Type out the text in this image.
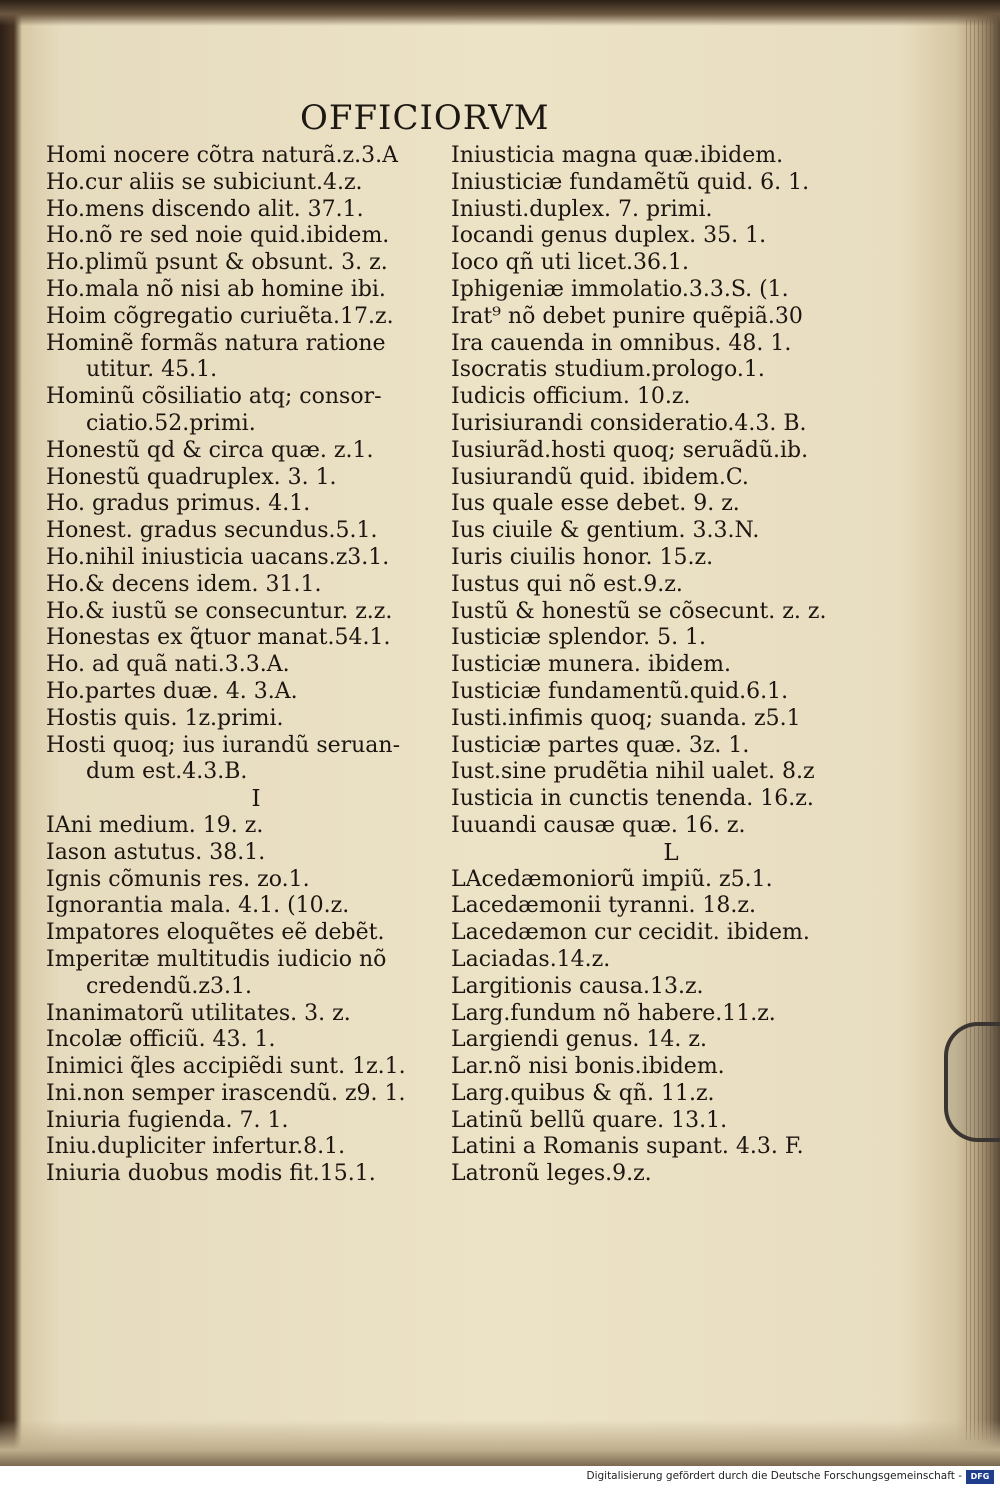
OFFICIORVM
Homi nocere cõtra naturã.z.3.A
Ho.cur aliis se subiciunt.4.z.
Ho.mens discendo alit. 37.1.
Ho.nõ re sed noie quid.ibidem.
Ho.plimũ psunt & obsunt. 3. z.
Ho.mala nõ nisi ab homine ibi.
Hoim cõgregatio curiuẽta.17.z.
Hominẽ formãs natura ratione
utitur. 45.1.
Hominũ cõsiliatio atq; consor-
ciatio.52.primi.
Honestũ qd & circa quæ. z.1.
Honestũ quadruplex. 3. 1.
Ho. gradus primus. 4.1.
Honest. gradus secundus.5.1.
Ho.nihil iniusticia uacans.z3.1.
Ho.& decens idem. 31.1.
Ho.& iustũ se consecuntur. z.z.
Honestas ex q̃tuor manat.54.1.
Ho. ad quã nati.3.3.A.
Ho.partes duæ. 4. 3.A.
Hostis quis. 1z.primi.
Hosti quoq; ius iurandũ seruan-
dum est.4.3.B.
I
IAni medium. 19. z.
Iason astutus. 38.1.
Ignis cõmunis res. zo.1.
Ignorantia mala. 4.1. (10.z.
Impatores eloquẽtes eẽ debẽt.
Imperitæ multitudis iudicio nõ
credendũ.z3.1.
Inanimatorũ utilitates. 3. z.
Incolæ officiũ. 43. 1.
Inimici q̃les accipiẽdi sunt. 1z.1.
Ini.non semper irascendũ. z9. 1.
Iniuria fugienda. 7. 1.
Iniu.dupliciter infertur.8.1.
Iniuria duobus modis fit.15.1.
Iniusticia magna quæ.ibidem.
Iniusticiæ fundamẽtũ quid. 6. 1.
Iniusti.duplex. 7. primi.
Iocandi genus duplex. 35. 1.
Ioco qñ uti licet.36.1.
Iphigeniæ immolatio.3.3.S. (1.
Irat⁹ nõ debet punire quẽpiã.30
Ira cauenda in omnibus. 48. 1.
Isocratis studium.prologo.1.
Iudicis officium. 10.z.
Iurisiurandi consideratio.4.3. B.
Iusiurãd.hosti quoq; seruãdũ.ib.
Iusiurandũ quid. ibidem.C.
Ius quale esse debet. 9. z.
Ius ciuile & gentium. 3.3.N.
Iuris ciuilis honor. 15.z.
Iustus qui nõ est.9.z.
Iustũ & honestũ se cõsecunt. z. z.
Iusticiæ splendor. 5. 1.
Iusticiæ munera. ibidem.
Iusticiæ fundamentũ.quid.6.1.
Iusti.infimis quoq; suanda. z5.1
Iusticiæ partes quæ. 3z. 1.
Iust.sine prudẽtia nihil ualet. 8.z
Iusticia in cunctis tenenda. 16.z.
Iuuandi causæ quæ. 16. z.
L
LAcedæmoniorũ impiũ. z5.1.
Lacedæmonii tyranni. 18.z.
Lacedæmon cur cecidit. ibidem.
Laciadas.14.z.
Largitionis causa.13.z.
Larg.fundum nõ habere.11.z.
Largiendi genus. 14. z.
Lar.nõ nisi bonis.ibidem.
Larg.quibus & qñ. 11.z.
Latinũ bellũ quare. 13.1.
Latini a Romanis supant. 4.3. F.
Latronũ leges.9.z.
Digitalisierung gefördert durch die Deutsche Forschungsgemeinschaft -	DFG
